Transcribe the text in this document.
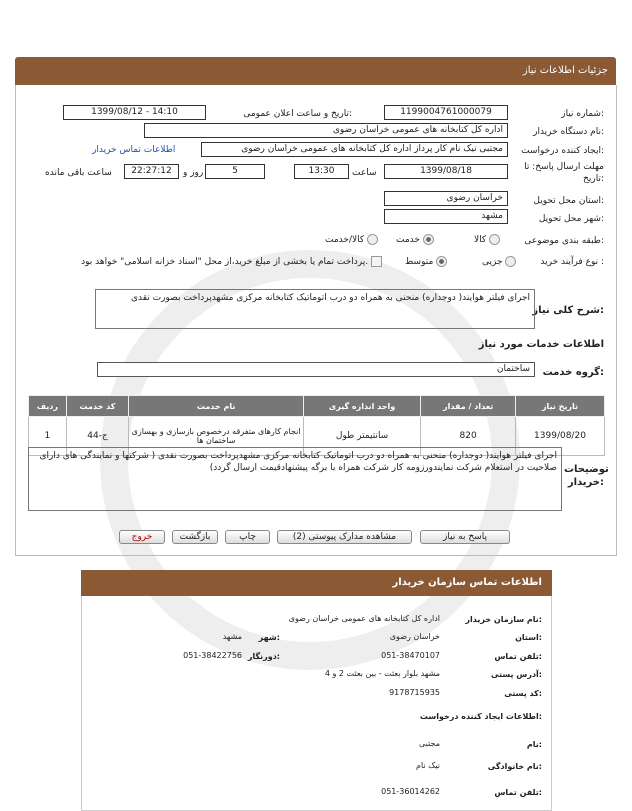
جزئیات اطلاعات نیاز
شماره نیاز:
1199004761000079
تاریخ و ساعت اعلان عمومی:
1399/08/12 - 14:10
نام دستگاه خریدار:
اداره کل کتابخانه های عمومی خراسان رضوی
ایجاد کننده درخواست:
مجتبی نیک نام کار پرداز اداره کل کتابخانه های عمومی خراسان رضوی
اطلاعات تماس خریدار
مهلت ارسال پاسخ: تا تاریخ:
1399/08/18
ساعت
13:30
5
روز و
22:27:12
ساعت باقی مانده
استان محل تحویل:
خراسان رضوی
شهر محل تحویل:
مشهد
طبقه بندی موضوعی:
کالا
خدمت
کالا/خدمت
نوع فرآیند خرید :
جزیی
متوسط
پرداخت تمام یا بخشی از مبلغ خرید،از محل "اسناد خزانه اسلامی" خواهد بود.
شرح کلی نیاز:
اجرای فیلتر هوایند( دوجداره) منحنی به همراه دو درب اتوماتیک کتابخانه مرکزی مشهدپرداخت بصورت نقدی
اطلاعات خدمات مورد نیاز
گروه خدمت:
ساختمان
ردیف	کد خدمت	نام خدمت	واحد اندازه گیری	تعداد / مقدار	تاریخ نیاز
1	ج-44	انجام کارهای متفرقه درخصوص بازسازی و بهسازی ساختمان ها	سانتیمتر طول	820	1399/08/20
توضیحات خریدار:
اجرای فیلتر هوایند( دوجداره) منحنی به همراه دو درب اتوماتیک کتابخانه مرکزی مشهدپرداخت بصورت نقدی ( شرکتها و نمایندگی های دارای صلاحیت در استعلام شرکت نمایندورزومه کار شرکت همراه با برگه پیشنهادقیمت ارسال گردد)
پاسخ به نیاز
مشاهده مدارک پیوستی (2)
چاپ
بازگشت
خروج
اطلاعات تماس سازمان خریدار
نام سازمان خریدار:
اداره کل کتابخانه های عمومی خراسان رضوی
استان:
خراسان رضوی
شهر:
مشهد
تلفن تماس:
051-38470107
دورنگار:
051-38422756
آدرس پستی:
مشهد بلوار بعثت - بین بعثت 2 و 4
کد پستی:
9178715935
اطلاعات ایجاد کننده درخواست:
نام:
مجتبی
نام خانوادگی:
نیک نام
تلفن تماس:
051-36014262
